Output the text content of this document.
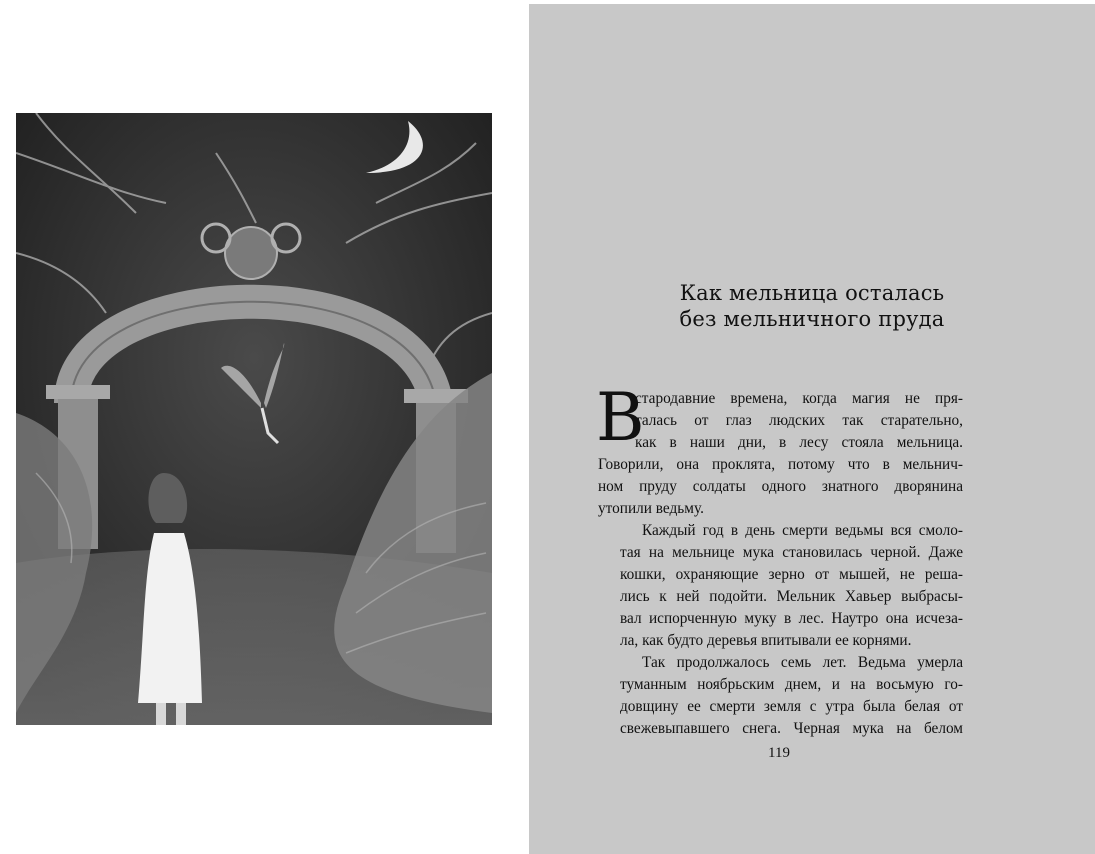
Как мельница осталась
без мельничного пруда
В
стародавние времена, когда магия не пря-
талась от глаз людских так старательно,
как в наши дни, в лесу стояла мельница.
Говорили, она проклята, потому что в мельнич-
ном пруду солдаты одного знатного дворянина
утопили ведьму.
Каждый год в день смерти ведьмы вся смоло-
тая на мельнице мука становилась черной. Даже
кошки, охраняющие зерно от мышей, не реша-
лись к ней подойти. Мельник Хавьер выбрасы-
вал испорченную муку в лес. Наутро она исчеза-
ла, как будто деревья впитывали ее корнями.
Так продолжалось семь лет. Ведьма умерла
туманным ноябрьским днем, и на восьмую го-
довщину ее смерти земля с утра была белая от
свежевыпавшего снега. Черная мука на белом
119
